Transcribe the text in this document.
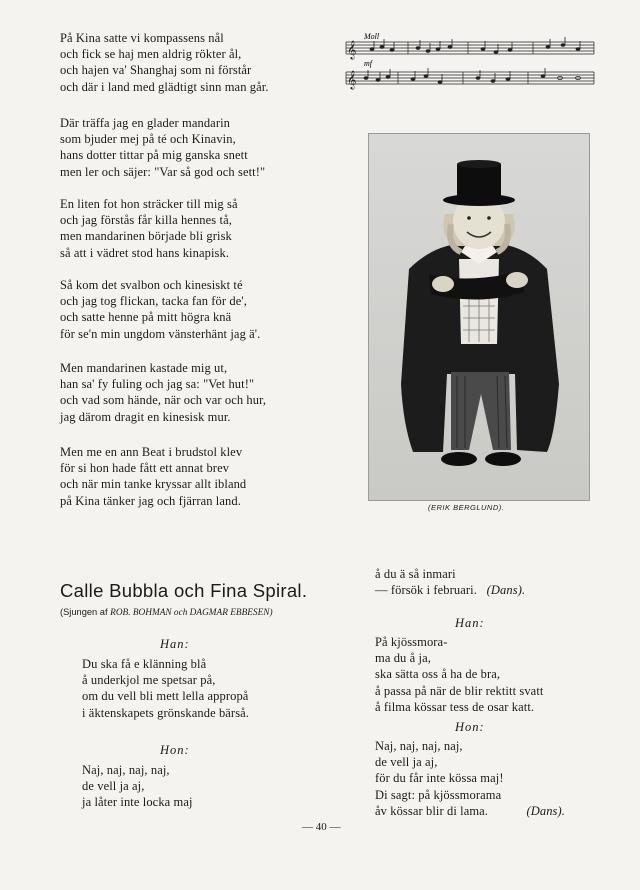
På Kina satte vi kompassens nål
och fick se haj men aldrig rökter ål,
och hajen va' Shanghaj som ni förstår
och där i land med glädtigt sinn man går.
Där träffa jag en glader mandarin
som bjuder mej på té och Kinavin,
hans dotter tittar på mig ganska snett
men ler och säjer: "Var så god och sett!"
En liten fot hon sträcker till mig så
och jag förstås får killa hennes tå,
men mandarinen började bli grisk
så att i vädret stod hans kinapisk.
Så kom det svalbon och kinesiskt té
och jag tog flickan, tacka fan för de',
och satte henne på mitt högra knä
för se'n min ungdom vänsterhänt jag ä'.
Men mandarinen kastade mig ut,
han sa' fy fuling och jag sa: "Vet hut!"
och vad som hände, när och var och hur,
jag därom dragit en kinesisk mur.
Men me en ann Beat i brudstol klev
för si hon hade fått ett annat brev
och när min tanke kryssar allt ibland
på Kina tänker jag och fjärran land.
Moll
mf
𝄞
𝄞
(ERIK BERGLUND).
Calle Bubbla och Fina Spiral.
(Sjungen af ROB. BOHMAN och DAGMAR EBBESEN)
Han:
Du ska få e klänning blå
å underkjol me spetsar på,
om du vell bli mett lella appropå
i äktenskapets grönskande bärså.
Hon:
Naj, naj, naj, naj,
de vell ja aj,
ja låter inte locka maj
å du ä så inmari
— försök i februari. (Dans).
Han:
På kjössmora-
ma du å ja,
ska sätta oss å ha de bra,
å passa på när de blir rektitt svatt
å filma kössar tess de osar katt.
Hon:
Naj, naj, naj, naj,
de vell ja aj,
för du får inte kössa maj!
Di sagt: på kjössmorama
åv kössar blir di lama.	(Dans).
— 40 —
